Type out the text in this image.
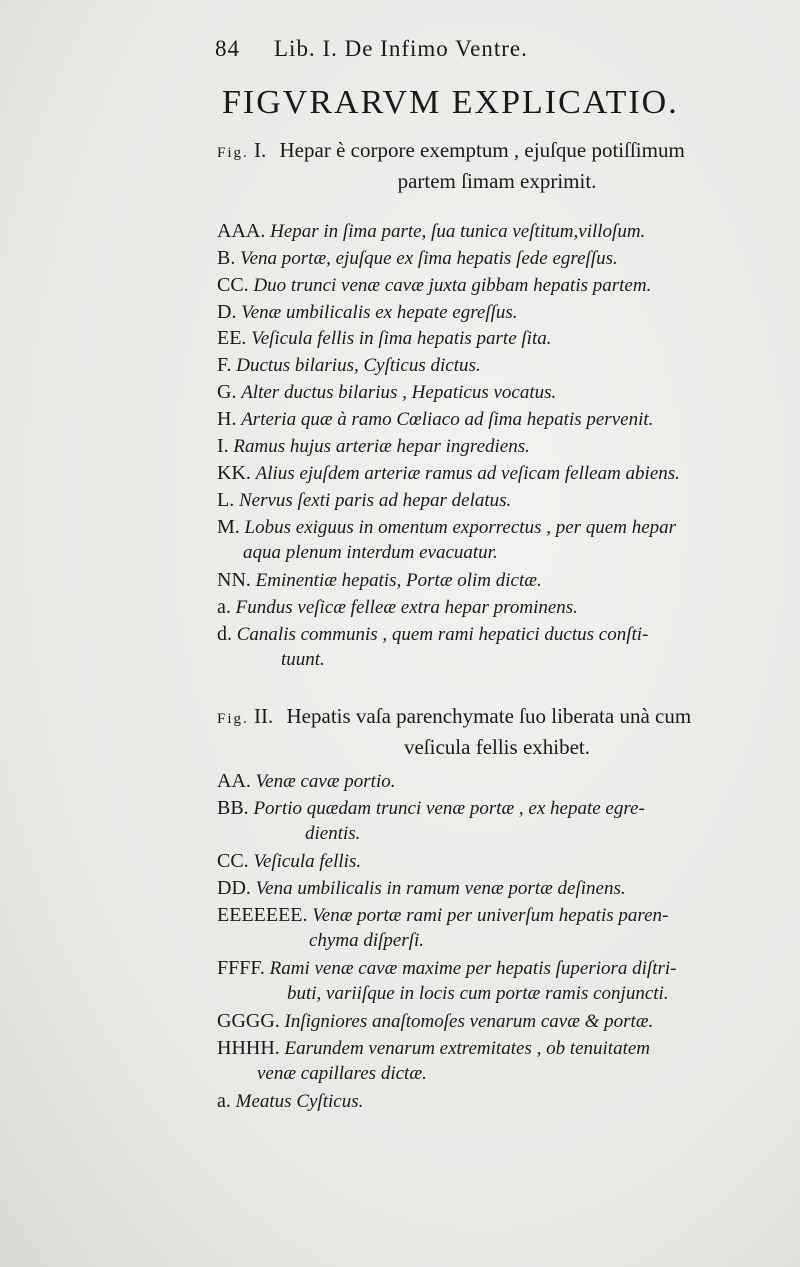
84 Lib. I. De Infimo Ventre.
FIGVRARVM EXPLICATIO.
Fig. I. Hepar è corpore exemptum , ejuſque potiſſimum
partem ſimam exprimit.
AAA. Hepar in ſima parte, ſua tunica veſtitum,villoſum.
B. Vena portæ, ejuſque ex ſima hepatis ſede egreſſus.
CC. Duo trunci venæ cavæ juxta gibbam hepatis partem.
D. Venæ umbilicalis ex hepate egreſſus.
EE. Veſicula fellis in ſima hepatis parte ſita.
F. Ductus bilarius, Cyſticus dictus.
G. Alter ductus bilarius , Hepaticus vocatus.
H. Arteria quæ à ramo Cœliaco ad ſima hepatis pervenit.
I. Ramus hujus arteriæ hepar ingrediens.
KK. Alius ejuſdem arteriæ ramus ad veſicam felleam abiens.
L. Nervus ſexti paris ad hepar delatus.
M. Lobus exiguus in omentum exporrectus , per quem hepar
aqua plenum interdum evacuatur.
NN. Eminentiæ hepatis, Portæ olim dictæ.
a. Fundus veſicæ felleæ extra hepar prominens.
d. Canalis communis , quem rami hepatici ductus conſti-
tuunt.
Fig. II. Hepatis vaſa parenchymate ſuo liberata unà cum
veſicula fellis exhibet.
AA. Venæ cavæ portio.
BB. Portio quædam trunci venæ portæ , ex hepate egre-
dientis.
CC. Veſicula fellis.
DD. Vena umbilicalis in ramum venæ portæ deſinens.
EEEEEEE. Venæ portæ rami per univerſum hepatis paren-
chyma diſperſi.
FFFF. Rami venæ cavæ maxime per hepatis ſuperiora diſtri-
buti, variiſque in locis cum portæ ramis conjuncti.
GGGG. Inſigniores anaſtomoſes venarum cavæ & portæ.
HHHH. Earundem venarum extremitates , ob tenuitatem
venæ capillares dictæ.
a. Meatus Cyſticus.
